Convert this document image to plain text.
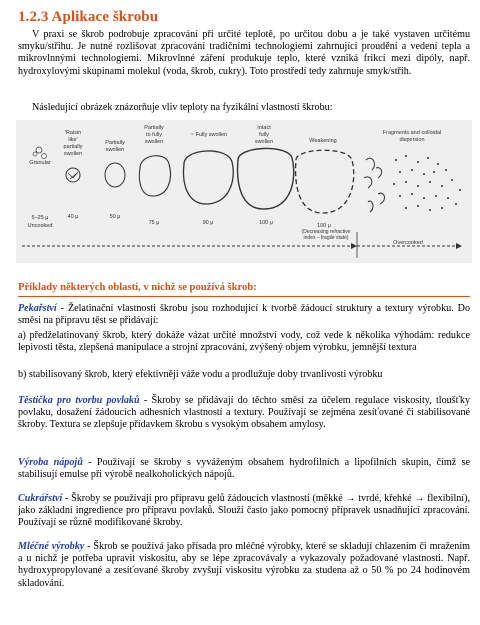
1.2.3 Aplikace škrobu

V praxi se škrob podrobuje zpracování při určité teplotě, po určitou dobu a je také vystaven určitému smyku/střihu. Je nutné rozlišovat zpracování tradičními technologiemi zahrnující proudění a vedení tepla a mikrovlnnými technologiemi. Mikrovlnné záření produkuje teplo, které vzniká frikcí mezi dipóly, např. hydroxylovými skupinami molekul (voda, škrob, cukry). Toto prostředí tedy zahrnuje smyk/střih.

Následující obrázek znázorňuje vliv teploty na fyzikální vlastnosti škrobu:

Granular
5–25 μ
Uncooked
'Raisin like' partially swollen
40 μ
Partially swollen
50 μ
Partially to fully swollen
75 μ
~ Fully swollen
90 μ
Intact fully swollen
100 μ
Weakening
100 μ
(Decreasing refractive index – fragile state)
Fragments and colloidal dispersion
Overcooked
Příklady některých oblastí, v nichž se používá škrob:

Pekařství - Želatinační vlastnosti škrobu jsou rozhodující k tvorbě žádoucí struktury a textury výrobku. Do směsi na přípravu těst se přidávají:

a) předželatinovaný škrob, který dokáže vázat určité množství vody, což vede k několika výhodám: redukce lepivosti těsta, zlepšená manipulace a strojní zpracování, zvýšený objem výrobku, jemnější textura

b) stabilisovaný škrob, který efektivněji váže vodu a prodlužuje doby trvanlivosti výrobku

Těstička pro tvorbu povlaků - Škroby se přidávají do těchto směsí za účelem regulace viskosity, tloušťky povlaku, dosažení žádoucích adhesních vlastností a textury. Používají se zejména zesíťované či stabilisované škroby. Textura se zlepšuje přídavkem škrobu s vysokým obsahem amylosy.

Výroba nápojů - Používají se škroby s vyváženým obsahem hydrofilních a lipofilních skupin, čímž se stabilisují emulse při výrobě nealkoholických nápojů.

Cukrářství - Škroby se používají pro přípravu gelů žádoucích vlastností (měkké → tvrdé, křehké → flexibilní), jako základní ingredience pro přípravu povlaků. Slouží často jako pomocný přípravek usnadňující zpracování. Používají se různě modifikované škroby.

Mléčné výrobky - Škrob se používá jako přísada pro mléčné výrobky, které se skladují chlazením či mražením a u nichž je potřeba upravit viskositu, aby se lépe zpracovávaly a vykazovaly požadované vlastnosti. Např. hydroxypropylované a zesíťované škroby zvyšují viskositu výrobku za studena až o 50 % po 24 hodinovém skladování.
